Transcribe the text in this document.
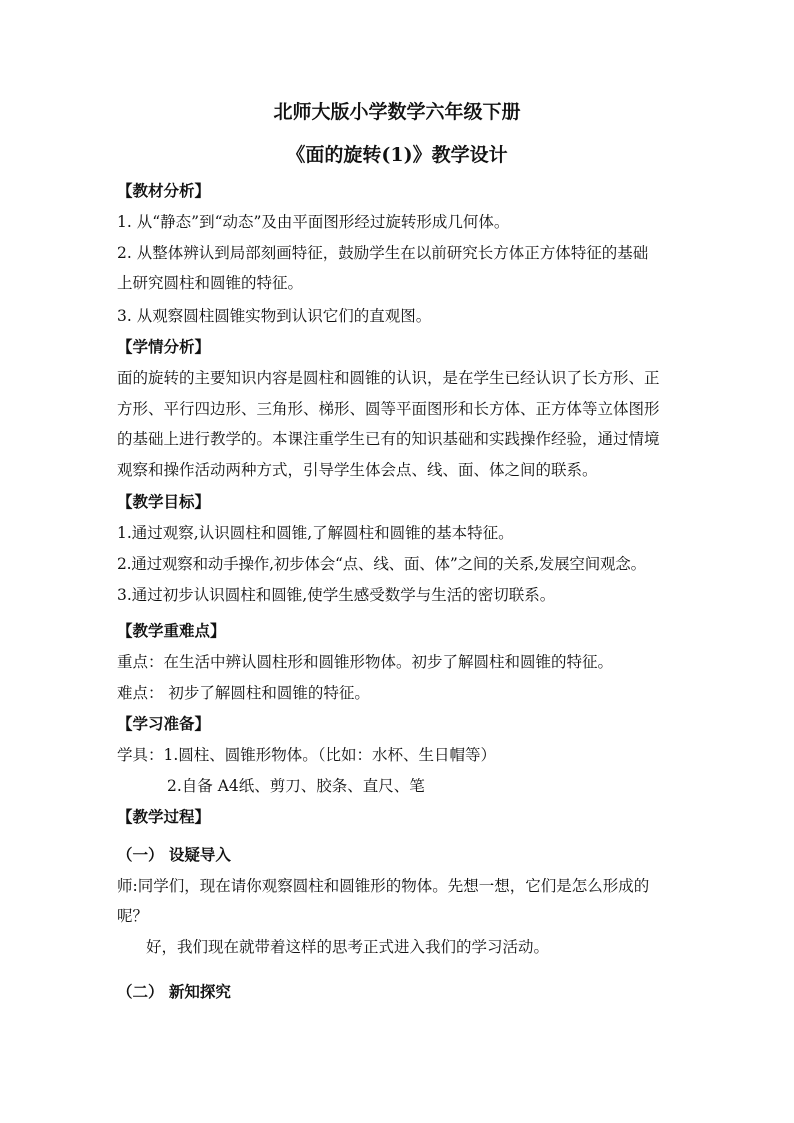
北师大版小学数学六年级下册
《面的旋转(1)》教学设计
【教材分析】
1. 从“静态”到“动态”及由平面图形经过旋转形成几何体。
2. 从整体辨认到局部刻画特征，鼓励学生在以前研究长方体正方体特征的基础
上研究圆柱和圆锥的特征。
3. 从观察圆柱圆锥实物到认识它们的直观图。
【学情分析】
面的旋转的主要知识内容是圆柱和圆锥的认识，是在学生已经认识了长方形、正
方形、平行四边形、三角形、梯形、圆等平面图形和长方体、正方体等立体图形
的基础上进行教学的。本课注重学生已有的知识基础和实践操作经验，通过情境
观察和操作活动两种方式，引导学生体会点、线、面、体之间的联系。
【教学目标】
1.通过观察,认识圆柱和圆锥,了解圆柱和圆锥的基本特征。
2.通过观察和动手操作,初步体会“点、线、面、体”之间的关系,发展空间观念。
3.通过初步认识圆柱和圆锥,使学生感受数学与生活的密切联系。
【教学重难点】
重点：在生活中辨认圆柱形和圆锥形物体。初步了解圆柱和圆锥的特征。
难点： 初步了解圆柱和圆锥的特征。
【学习准备】
学具：1.圆柱、圆锥形物体。（比如：水杯、生日帽等）
2.自备 A4纸、剪刀、胶条、直尺、笔
【教学过程】
（一） 设疑导入
师:同学们，现在请你观察圆柱和圆锥形的物体。先想一想，它们是怎么形成的
呢？
好，我们现在就带着这样的思考正式进入我们的学习活动。
（二） 新知探究
